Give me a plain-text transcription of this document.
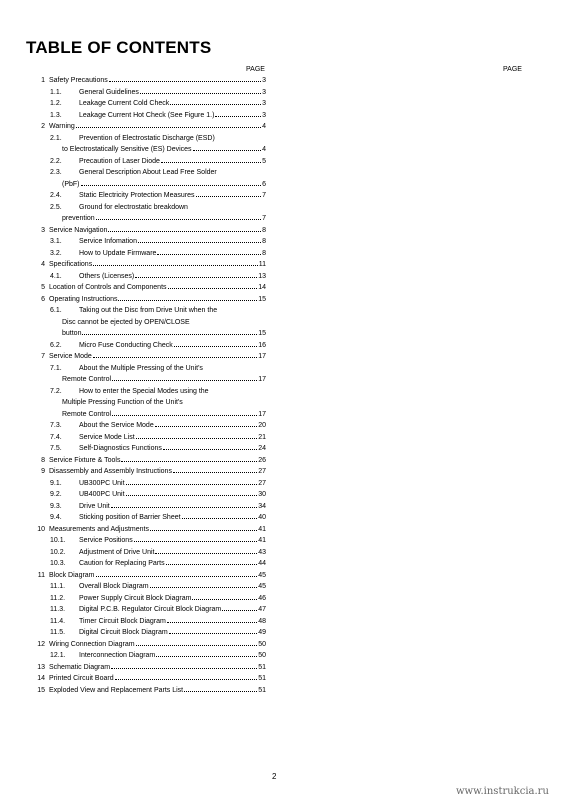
TABLE OF CONTENTS
PAGE	PAGE
1 Safety Precautions	3
1.1.	General Guidelines	3
1.2.	Leakage Current Cold Check	3
1.3.	Leakage Current Hot Check (See Figure 1.)	3
2 Warning	4
2.1.	Prevention of Electrostatic Discharge (ESD)
to Electrostatically Sensitive (ES) Devices	4
2.2.	Precaution of Laser Diode	5
2.3.	General Description About Lead Free Solder
(PbF)	6
2.4.	Static Electricity Protection Measures	7
2.5.	Ground for electrostatic breakdown
prevention	7
3 Service Navigation	8
3.1.	Service Infomation	8
3.2.	How to Update Firmware	8
4 Specifications	11
4.1.	Others (Licenses)	13
5 Location of Controls and Components	14
6 Operating Instructions	15
6.1.	Taking out the Disc from Drive Unit when the
Disc cannot be ejected by OPEN/CLOSE
button	15
6.2.	Micro Fuse Conducting Check	16
7 Service Mode	17
7.1.	About the Multiple Pressing of the Unit's
Remote Control	17
7.2.	How to enter the Special Modes using the
Multiple Pressing Function of the Unit's
Remote Control	17
7.3.	About the Service Mode	20
7.4.	Service Mode List	21
7.5.	Self-Diagnostics Functions	24
8 Service Fixture & Tools	26
9 Disassembly and Assembly Instructions	27
9.1.	UB300PC Unit	27
9.2.	UB400PC Unit	30
9.3.	Drive Unit	34
9.4.	Sticking position of Barrier Sheet	40
10 Measurements and Adjustments	41
10.1.	Service Positions	41
10.2.	Adjustment of Drive Unit	43
10.3.	Caution for Replacing Parts	44
11 Block Diagram	45
11.1.	Overall Block Diagram	45
11.2.	Power Supply Circuit Block Diagram	46
11.3.	Digital P.C.B. Regulator Circuit Block Diagram	47
11.4.	Timer Circuit Block Diagram	48
11.5.	Digital Circuit Block Diagram	49
12 Wiring Connection Diagram	50
12.1.	Interconnection Diagram	50
13 Schematic Diagram	51
14 Printed Circuit Board	51
15 Exploded View and Replacement Parts List	51
2
www.instrukcia.ru
